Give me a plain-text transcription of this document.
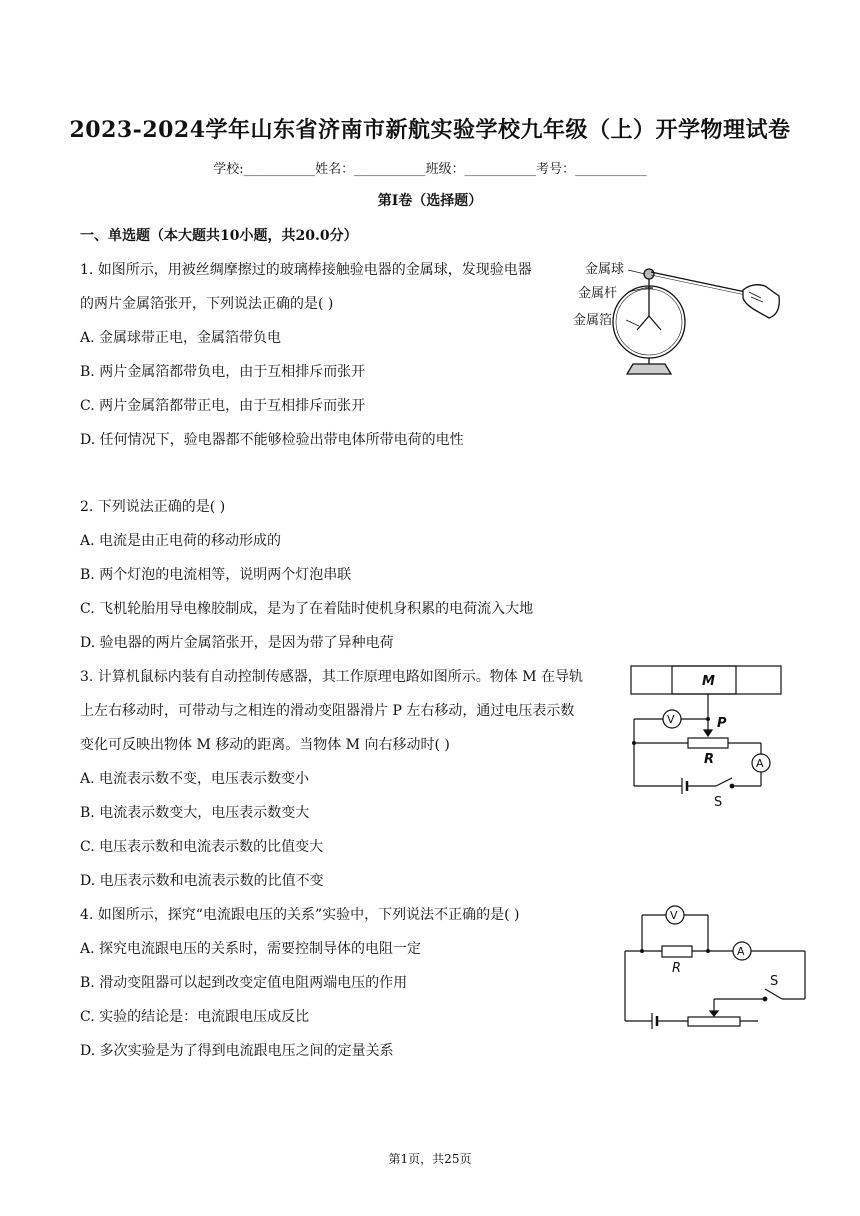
2023-2024学年山东省济南市新航实验学校九年级（上）开学物理试卷
学校:___________姓名：___________班级：___________考号：___________
第I卷（选择题）
一、单选题（本大题共10小题，共20.0分）
1. 如图所示，用被丝绸摩擦过的玻璃棒接触验电器的金属球，发现验电器
的两片金属箔张开，下列说法正确的是( )
A. 金属球带正电，金属箔带负电
B. 两片金属箔都带负电，由于互相排斥而张开
C. 两片金属箔都带正电，由于互相排斥而张开
D. 任何情况下，验电器都不能够检验出带电体所带电荷的电性
2. 下列说法正确的是( )
A. 电流是由正电荷的移动形成的
B. 两个灯泡的电流相等，说明两个灯泡串联
C. 飞机轮胎用导电橡胶制成，是为了在着陆时使机身积累的电荷流入大地
D. 验电器的两片金属箔张开，是因为带了异种电荷
3. 计算机鼠标内装有自动控制传感器，其工作原理电路如图所示。物体 M 在导轨
上左右移动时，可带动与之相连的滑动变阻器滑片 P 左右移动，通过电压表示数
变化可反映出物体 M 移动的距离。当物体 M 向右移动时( )
A. 电流表示数不变，电压表示数变小
B. 电流表示数变大，电压表示数变大
C. 电压表示数和电流表示数的比值变大
D. 电压表示数和电流表示数的比值不变
4. 如图所示，探究“电流跟电压的关系”实验中，下列说法不正确的是( )
A. 探究电流跟电压的关系时，需要控制导体的电阻一定
B. 滑动变阻器可以起到改变定值电阻两端电压的作用
C. 实验的结论是：电流跟电压成反比
D. 多次实验是为了得到电流跟电压之间的定量关系
金属球
金属杆
金属箔
M
P
R
V
A
S
V
A
R
S
第1页，共25页
